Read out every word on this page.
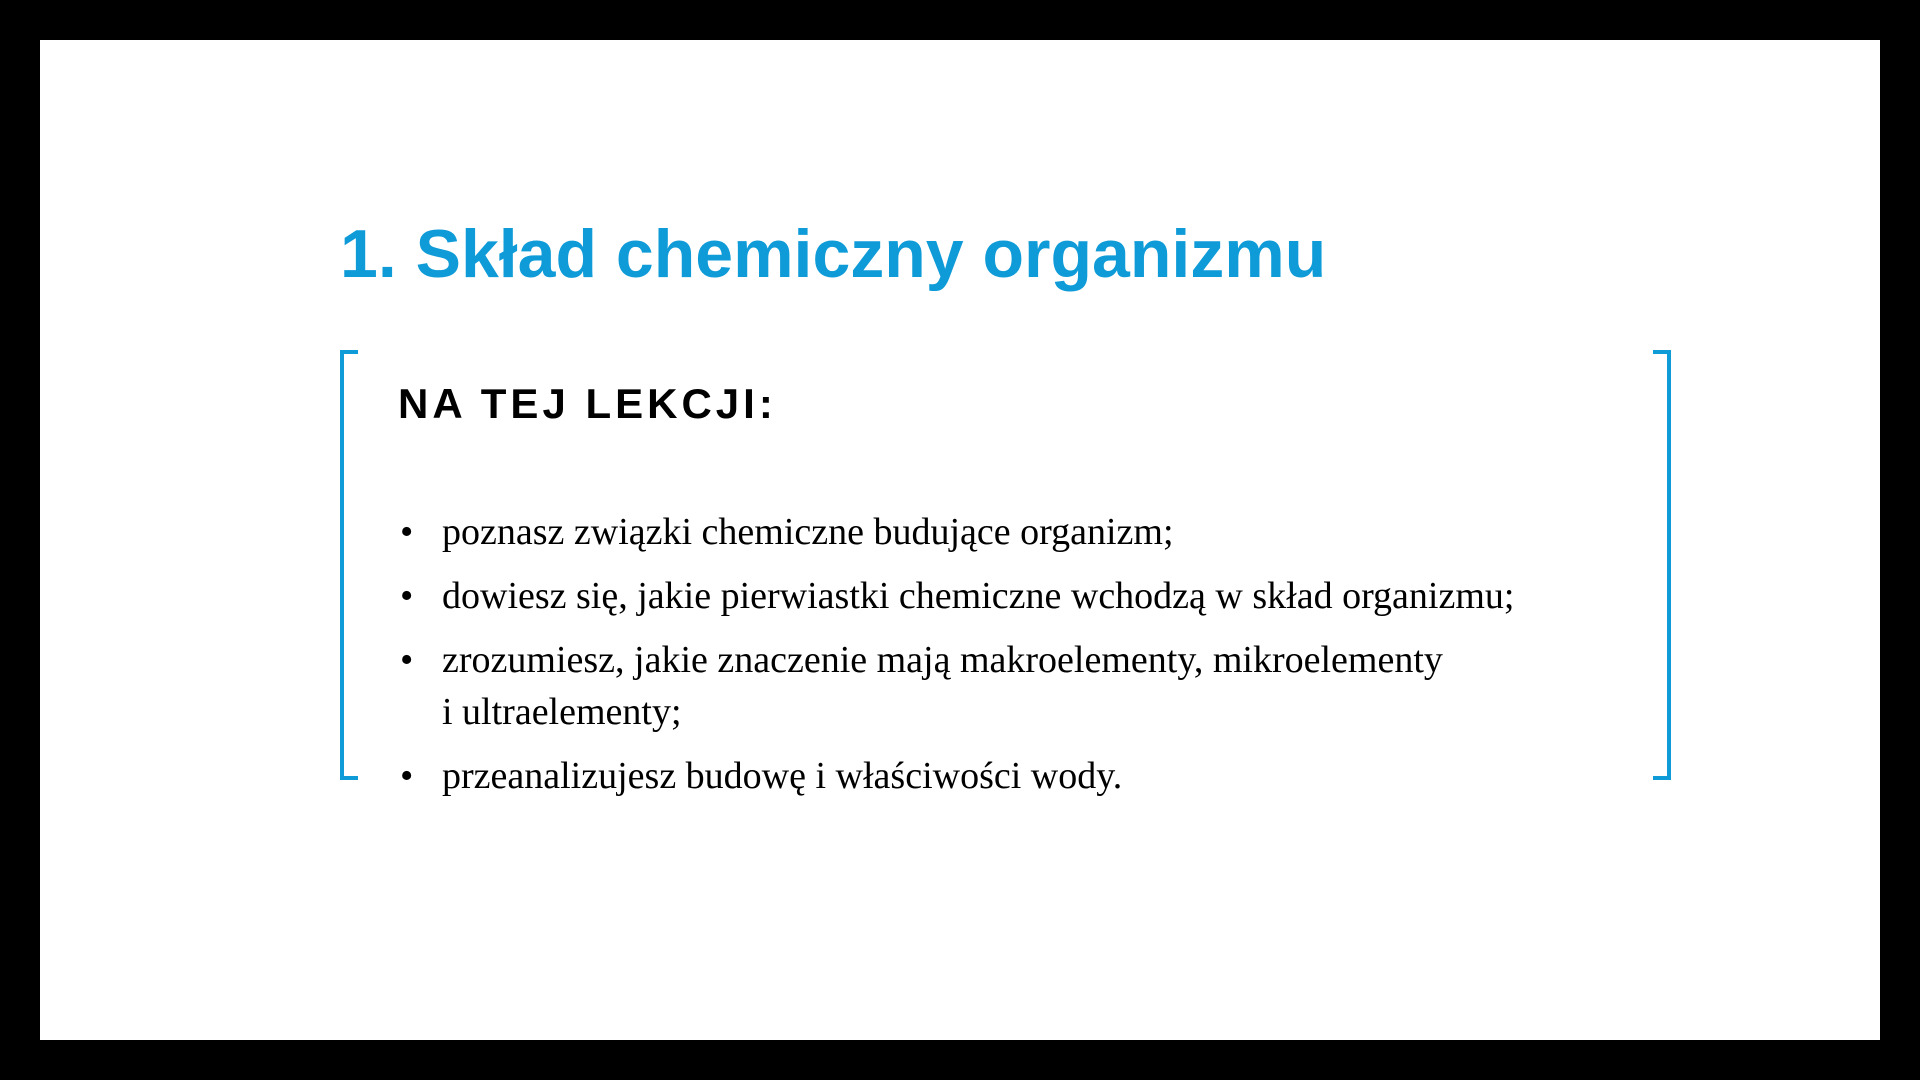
1. Skład chemiczny organizmu
NA TEJ LEKCJI:
• poznasz związki chemiczne budujące organizm;
• dowiesz się, jakie pierwiastki chemiczne wchodzą w skład organizmu;
• zrozumiesz, jakie znaczenie mają makroelementy, mikroelementy
i ultraelementy;
• przeanalizujesz budowę i właściwości wody.
